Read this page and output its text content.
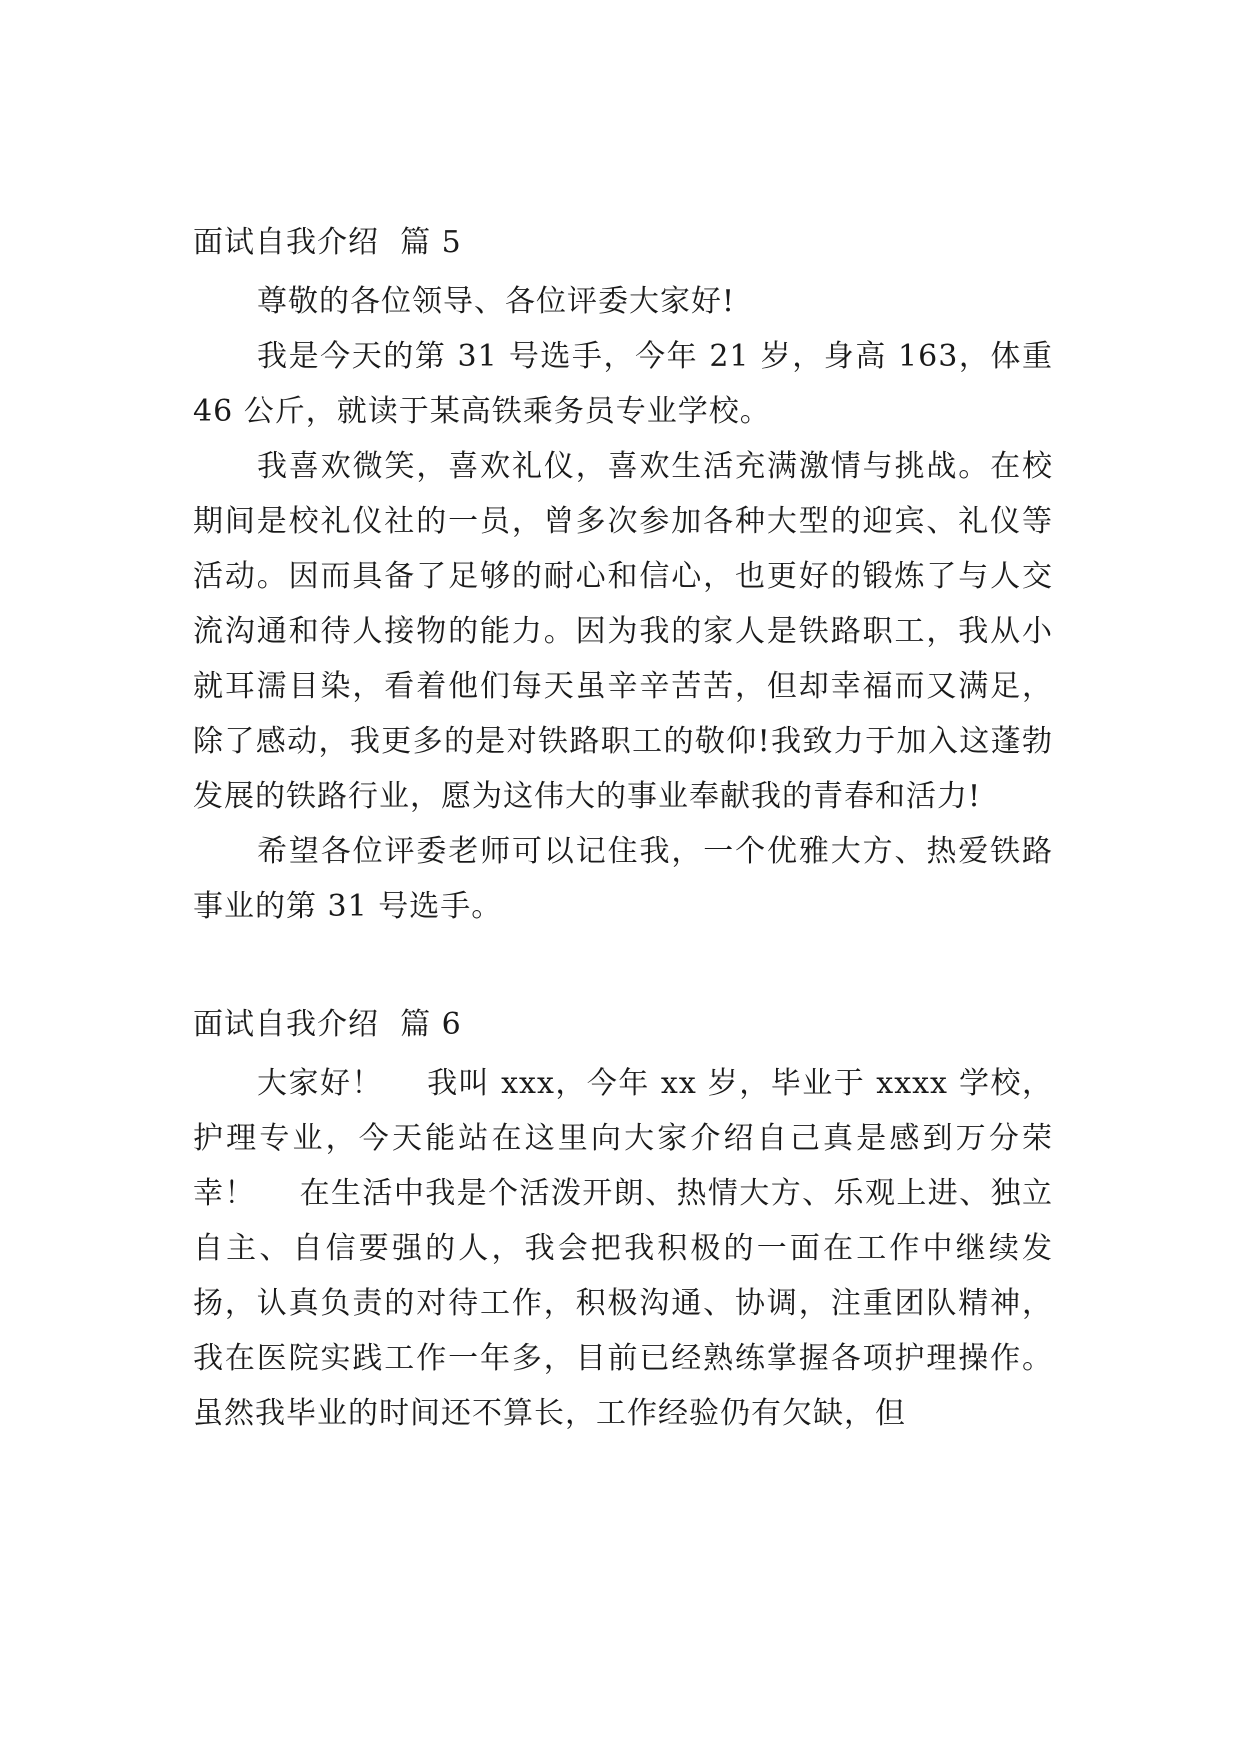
面试自我介绍  篇 5

尊敬的各位领导、各位评委大家好!

我是今天的第 31 号选手，今年 21 岁，身高 163，体重 46 公斤，就读于某高铁乘务员专业学校。

我喜欢微笑，喜欢礼仪，喜欢生活充满激情与挑战。在校期间是校礼仪社的一员，曾多次参加各种大型的迎宾、礼仪等活动。因而具备了足够的耐心和信心，也更好的锻炼了与人交流沟通和待人接物的能力。因为我的家人是铁路职工，我从小就耳濡目染，看着他们每天虽辛辛苦苦，但却幸福而又满足，除了感动，我更多的是对铁路职工的敬仰!我致力于加入这蓬勃发展的铁路行业，愿为这伟大的事业奉献我的青春和活力!

希望各位评委老师可以记住我，一个优雅大方、热爱铁路事业的第 31 号选手。

面试自我介绍  篇 6

大家好！    我叫 xxx，今年 xx 岁，毕业于 xxxx 学校，护理专业，今天能站在这里向大家介绍自己真是感到万分荣幸！    在生活中我是个活泼开朗、热情大方、乐观上进、独立自主、自信要强的人，我会把我积极的一面在工作中继续发扬，认真负责的对待工作，积极沟通、协调，注重团队精神，我在医院实践工作一年多，目前已经熟练掌握各项护理操作。虽然我毕业的时间还不算长，工作经验仍有欠缺，但
